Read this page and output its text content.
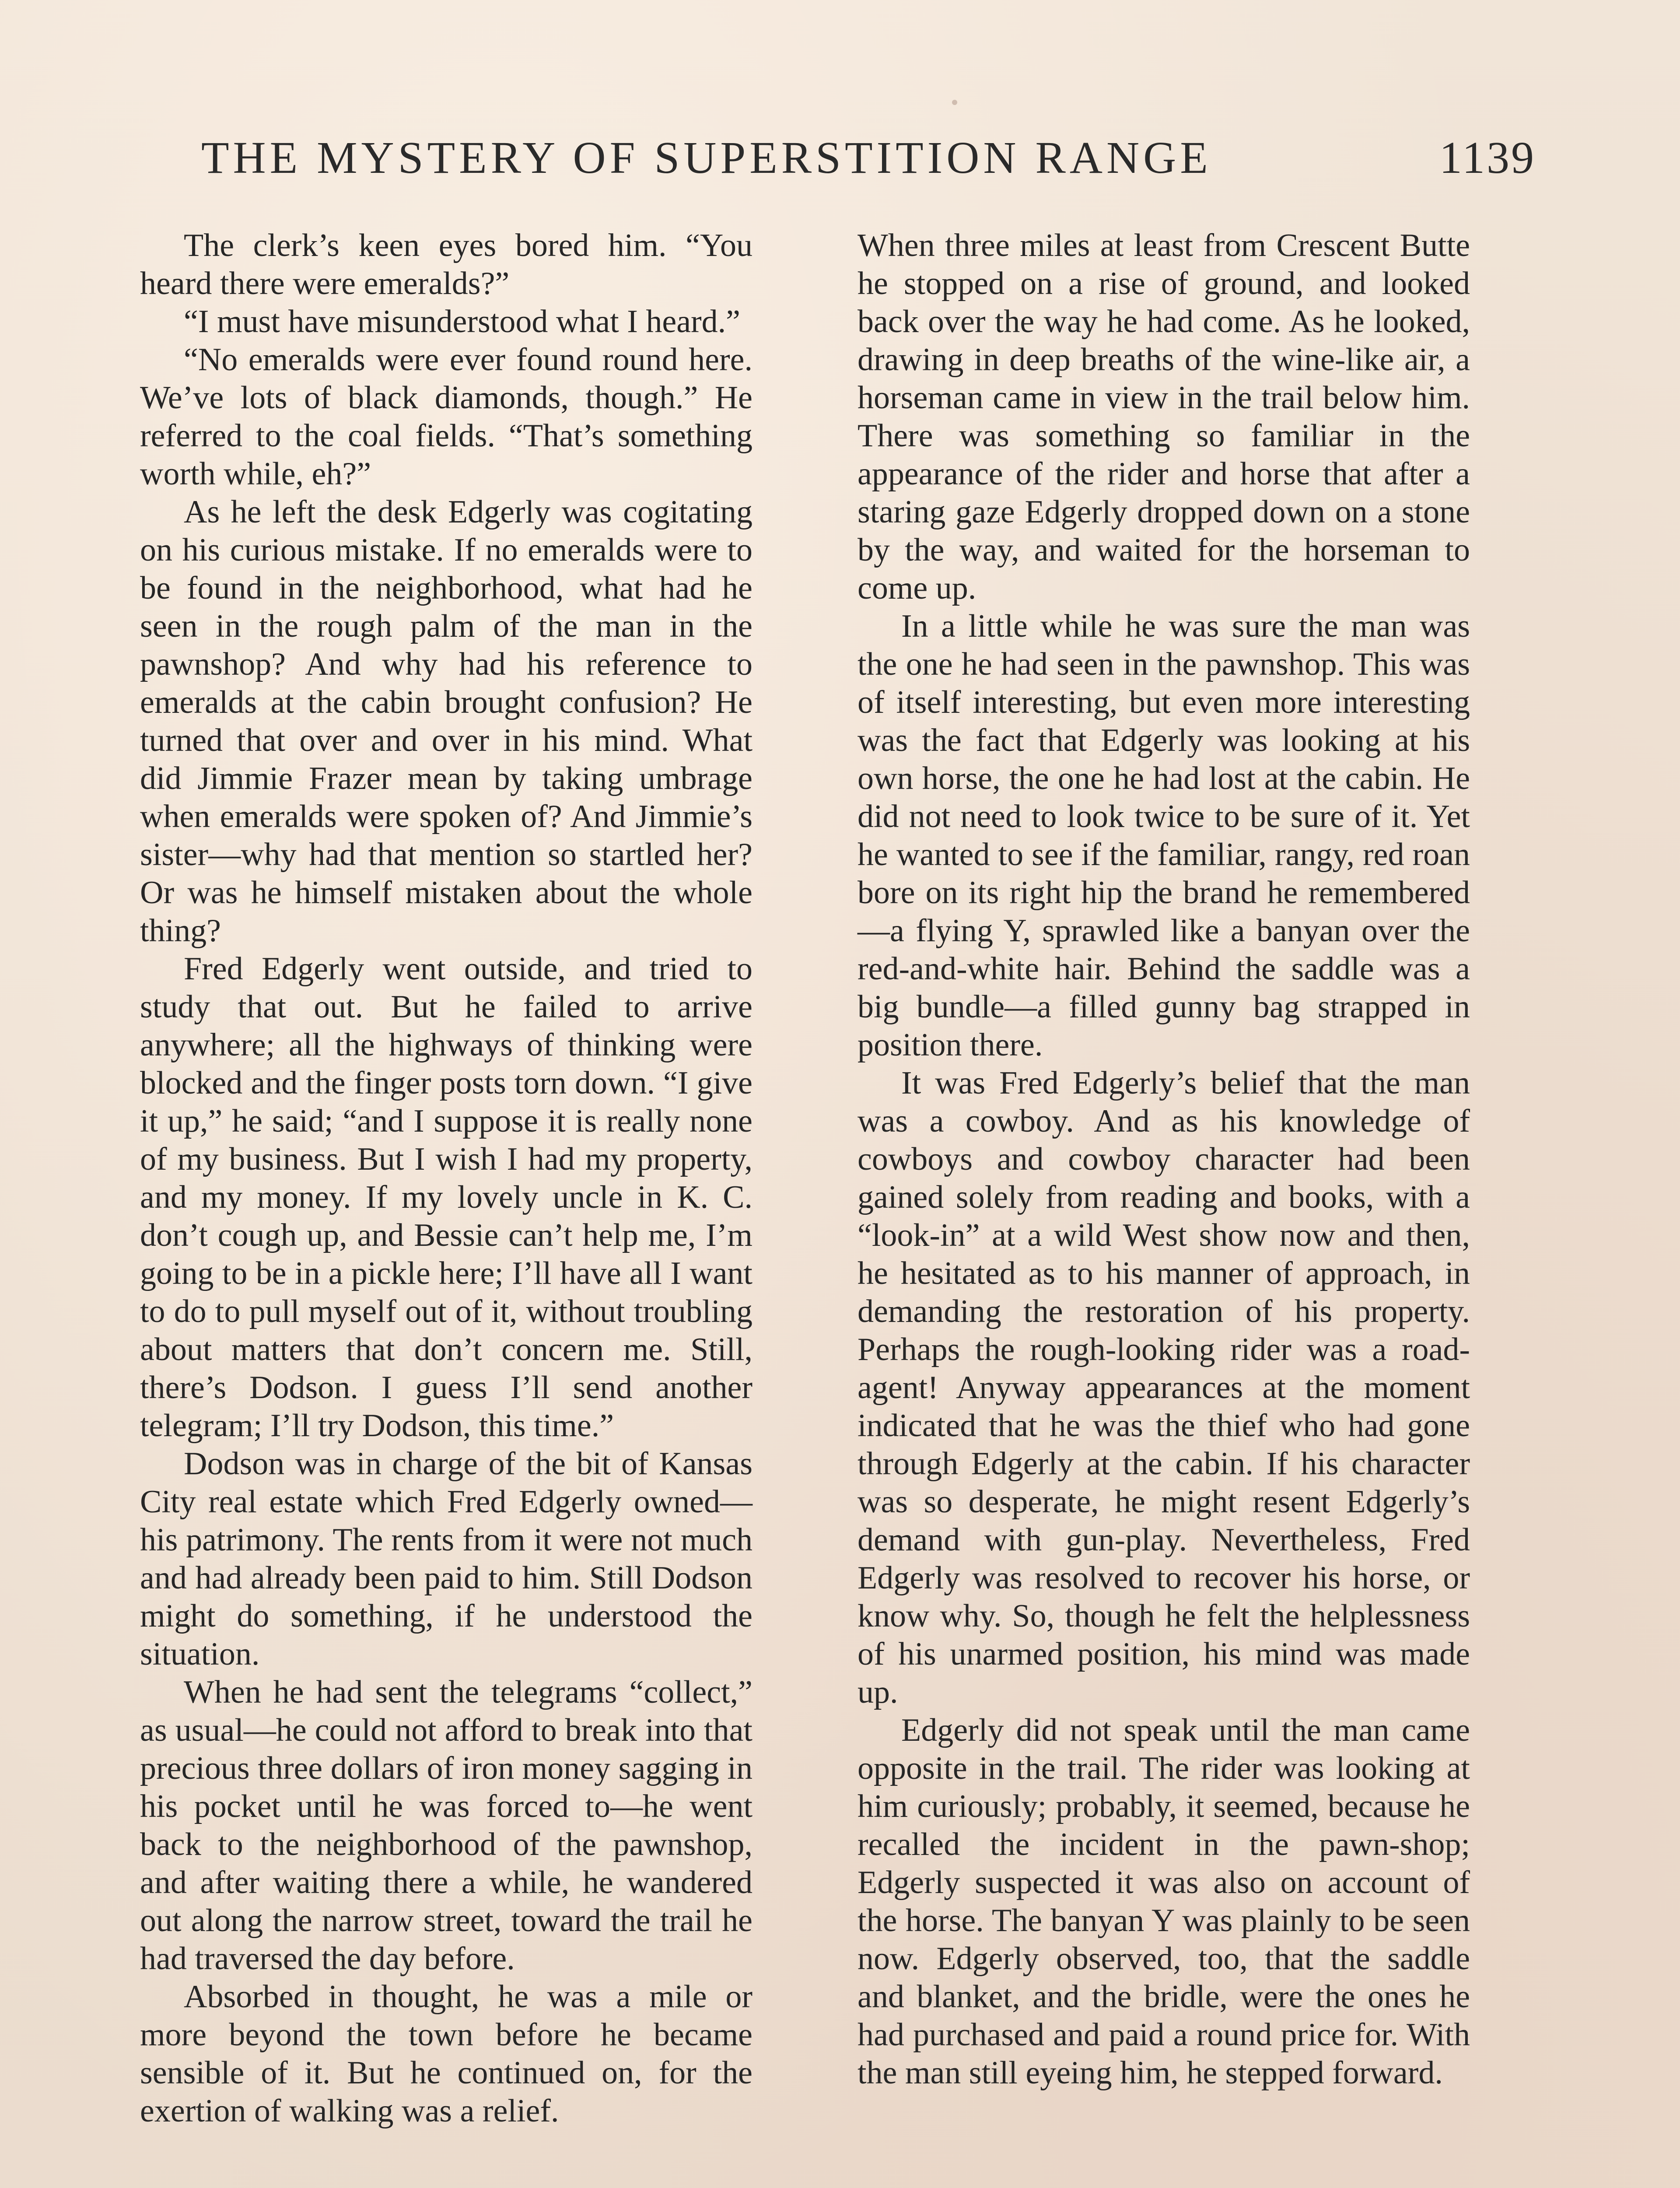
THE MYSTERY OF SUPERSTITION RANGE	1139

The clerk’s keen eyes bored him. “You heard there were emeralds?”

“I must have misunderstood what I heard.”

“No emeralds were ever found round here. We’ve lots of black diamonds, though.” He referred to the coal fields. “That’s something worth while, eh?”

As he left the desk Edgerly was cogitating on his curious mistake. If no emeralds were to be found in the neighborhood, what had he seen in the rough palm of the man in the pawnshop? And why had his reference to emeralds at the cabin brought confusion? He turned that over and over in his mind. What did Jimmie Frazer mean by taking umbrage when emeralds were spoken of? And Jimmie’s sister—why had that mention so startled her? Or was he himself mistaken about the whole thing?

Fred Edgerly went outside, and tried to study that out. But he failed to arrive anywhere; all the highways of thinking were blocked and the finger posts torn down. “I give it up,” he said; “and I suppose it is really none of my business. But I wish I had my property, and my money. If my lovely uncle in K. C. don’t cough up, and Bessie can’t help me, I’m going to be in a pickle here; I’ll have all I want to do to pull myself out of it, without troubling about matters that don’t concern me. Still, there’s Dodson. I guess I’ll send another telegram; I’ll try Dodson, this time.”

Dodson was in charge of the bit of Kansas City real estate which Fred Edgerly owned—his patrimony. The rents from it were not much and had already been paid to him. Still Dodson might do something, if he understood the situation.

When he had sent the telegrams “collect,” as usual—he could not afford to break into that precious three dollars of iron money sagging in his pocket until he was forced to—he went back to the neighborhood of the pawnshop, and after waiting there a while, he wandered out along the narrow street, toward the trail he had traversed the day before.

Absorbed in thought, he was a mile or more beyond the town before he became sensible of it. But he continued on, for the exertion of walking was a relief.

When three miles at least from Crescent Butte he stopped on a rise of ground, and looked back over the way he had come. As he looked, drawing in deep breaths of the wine-like air, a horseman came in view in the trail below him. There was something so familiar in the appearance of the rider and horse that after a staring gaze Edgerly dropped down on a stone by the way, and waited for the horseman to come up.

In a little while he was sure the man was the one he had seen in the pawnshop. This was of itself interesting, but even more interesting was the fact that Edgerly was looking at his own horse, the one he had lost at the cabin. He did not need to look twice to be sure of it. Yet he wanted to see if the familiar, rangy, red roan bore on its right hip the brand he remembered—a flying Y, sprawled like a banyan over the red-and-white hair. Behind the saddle was a big bundle—a filled gunny bag strapped in position there.

It was Fred Edgerly’s belief that the man was a cowboy. And as his knowledge of cowboys and cowboy character had been gained solely from reading and books, with a “look-in” at a wild West show now and then, he hesitated as to his manner of approach, in demanding the restoration of his property. Perhaps the rough-looking rider was a road-agent! Anyway appearances at the moment indicated that he was the thief who had gone through Edgerly at the cabin. If his character was so desperate, he might resent Edgerly’s demand with gun-play. Nevertheless, Fred Edgerly was resolved to recover his horse, or know why. So, though he felt the helplessness of his unarmed position, his mind was made up.

Edgerly did not speak until the man came opposite in the trail. The rider was looking at him curiously; probably, it seemed, because he recalled the incident in the pawn-shop; Edgerly suspected it was also on account of the horse. The banyan Y was plainly to be seen now. Edgerly observed, too, that the saddle and blanket, and the bridle, were the ones he had purchased and paid a round price for. With the man still eyeing him, he stepped forward.
